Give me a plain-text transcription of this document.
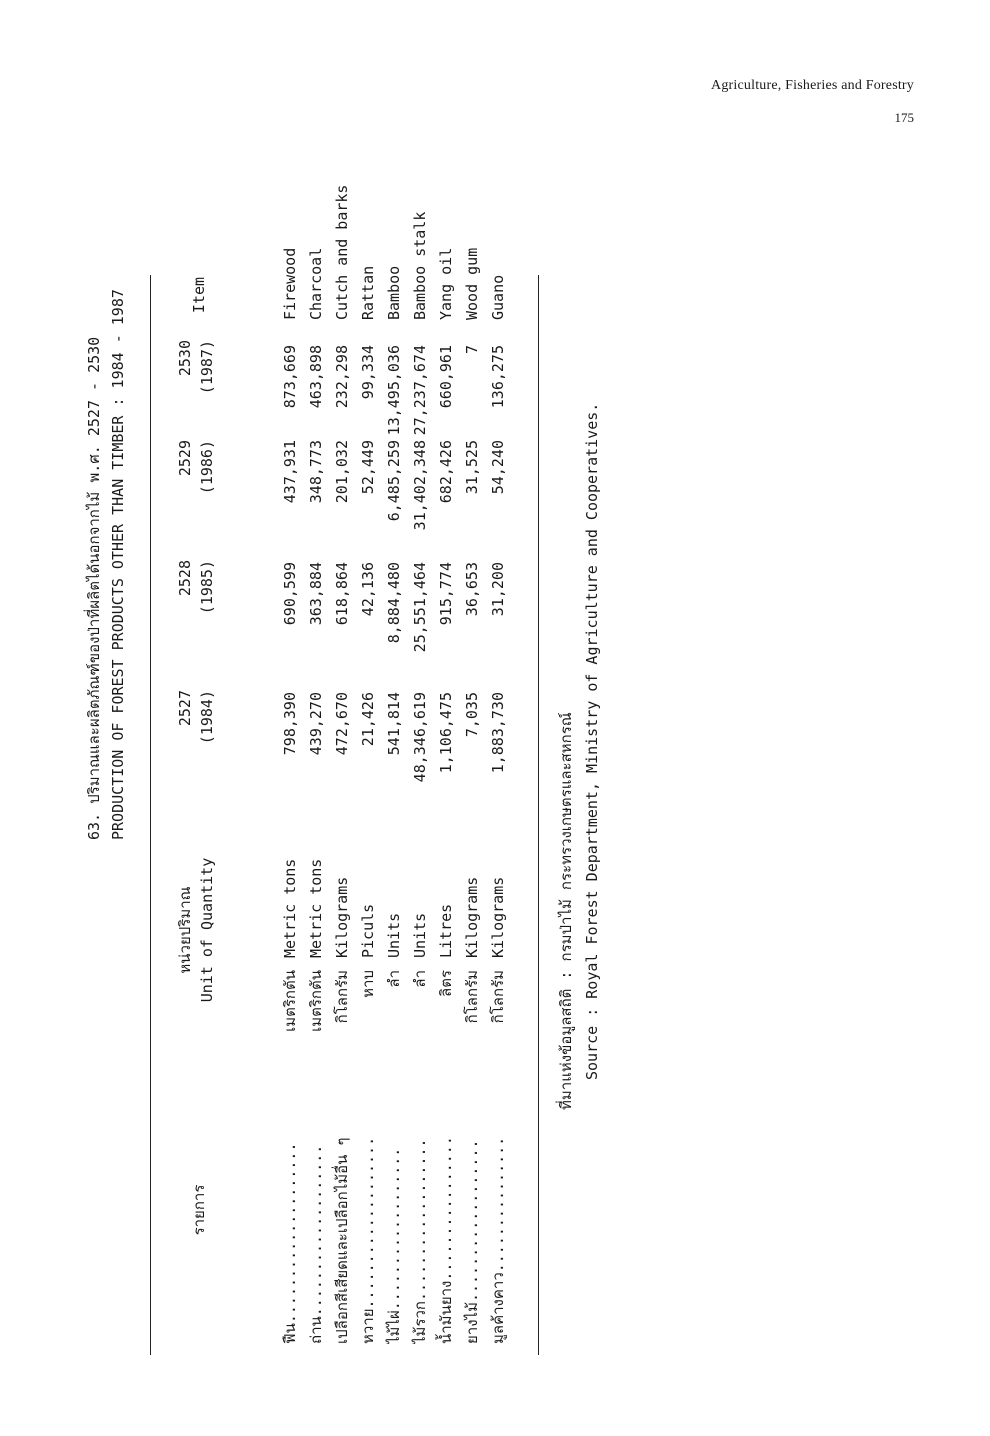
Agriculture, Fisheries and Forestry
175
63. ปริมาณและผลิตภัณฑ์ของป่าที่ผลิตได้นอกจากไม้ พ.ศ. 2527 - 2530 PRODUCTION OF FOREST PRODUCTS OTHER THAN TIMBER : 1984 - 1987
รายการ
หน่วยปริมาณ Unit of Quantity
2527 (1984)
2528 (1985)
2529 (1986)
2530 (1987)
Item
ฟืน....................
เมตริกตัน
Metric tons
798,390
690,599
437,931
873,669
Firewood
ถ่าน...................
เมตริกตัน
Metric tons
439,270
363,884
348,773
463,898
Charcoal
เปลือกสีเสียดและเปลือกไม้อื่น ๆ
กิโลกรัม
Kilograms
472,670
618,864
201,032
232,298
Cutch and barks
หวาย...................
หาบ
Piculs
21,426
42,136
52,449
99,334
Rattan
ไม้ไผ่..................
ลำ
Units
541,814
8,884,480
6,485,259
13,495,036
Bamboo
ไม้รวก..................
ลำ
Units
48,346,619
25,551,464
31,402,348
27,237,674
Bamboo stalk
น้ำมันยาง................
ลิตร
Litres
1,106,475
915,774
682,426
660,961
Yang oil
ยางไม้..................
กิโลกรัม
Kilograms
7,035
36,653
31,525
7
Wood gum
มูลค้างคาว...............
กิโลกรัม
Kilograms
1,883,730
31,200
54,240
136,275
Guano
ที่มาแห่งข้อมูลสถิติ : กรมป่าไม้ กระทรวงเกษตรและสหกรณ์ Source : Royal Forest Department, Ministry of Agriculture and Cooperatives.
